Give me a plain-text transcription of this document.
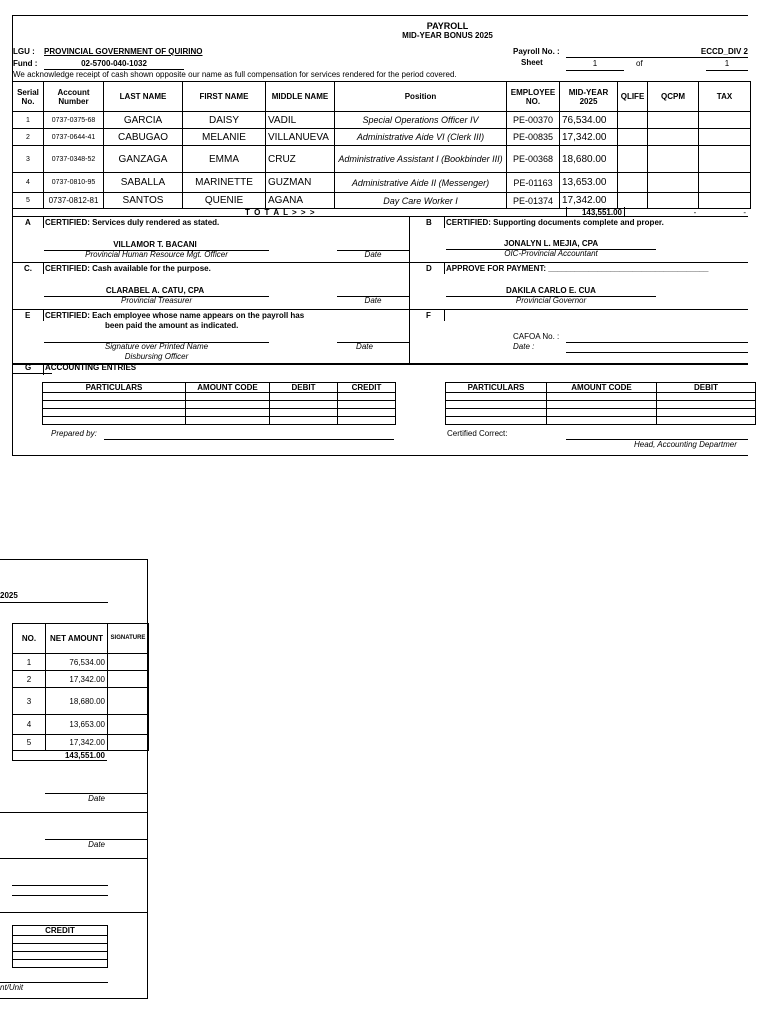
PAYROLL
MID-YEAR BONUS 2025
LGU : PROVINCIAL GOVERNMENT OF QUIRINO
Fund :	02-5700-040-1032
Payroll No. :	ECCD_DIV 2
Sheet	1	of	1
We acknowledge receipt of cash shown opposite our name as full compensation for services rendered for the period covered.
Serial No.	Account Number	LAST NAME	FIRST NAME	MIDDLE NAME	Position	EMPLOYEE NO.	MID-YEAR 2025	QLIFE	QCPM	TAX
1	0737-0375-68	GARCIA	DAISY	VADIL	Special Operations Officer IV	PE-00370	76,534.00			
2	0737-0644-41	CABUGAO	MELANIE	VILLANUEVA	Administrative Aide VI (Clerk III)	PE-00835	17,342.00			
3	0737-0348-52	GANZAGA	EMMA	CRUZ	Administrative Assistant I (Bookbinder III)	PE-00368	18,680.00			
4	0737-0810-95	SABALLA	MARINETTE	GUZMAN	Administrative Aide II (Messenger)	PE-01163	13,653.00			
5	0737-0812-81	SANTOS	QUENIE	AGANA	Day Care Worker I	PE-01374	17,342.00			
T O T A L > > >	143,551.00	-	-
A CERTIFIED: Services duly rendered as stated.
VILLAMOR T. BACANI
Provincial Human Resource Mgt. Officer	Date
B CERTIFIED: Supporting documents complete and proper.
JONALYN L. MEJIA, CPA
OIC-Provincial Accountant
C. CERTIFIED: Cash available for the purpose.
CLARABEL A. CATU, CPA
Provincial Treasurer	Date
D APPROVE FOR PAYMENT: ____________________________________
DAKILA CARLO E. CUA
Provincial Governor
E CERTIFIED: Each employee whose name appears on the payroll has
been paid the amount as indicated.
Signature over Printed Name
Disbursing Officer
Date
F
CAFOA No. :
Date :
G ACCOUNTING ENTRIES
PARTICULARS	AMOUNT CODE	DEBIT	CREDIT

				PARTICULARS	AMOUNT CODE	DEBIT

Prepared by:	Certified Correct:
Head, Accounting Departmer
2025
NO.	NET AMOUNT	SIGNATURE
1	76,534.00	
2	17,342.00	
3	18,680.00	
4	13,653.00	
5	17,342.00	
143,551.00
Date
Date
CREDIT

nt/Unit
